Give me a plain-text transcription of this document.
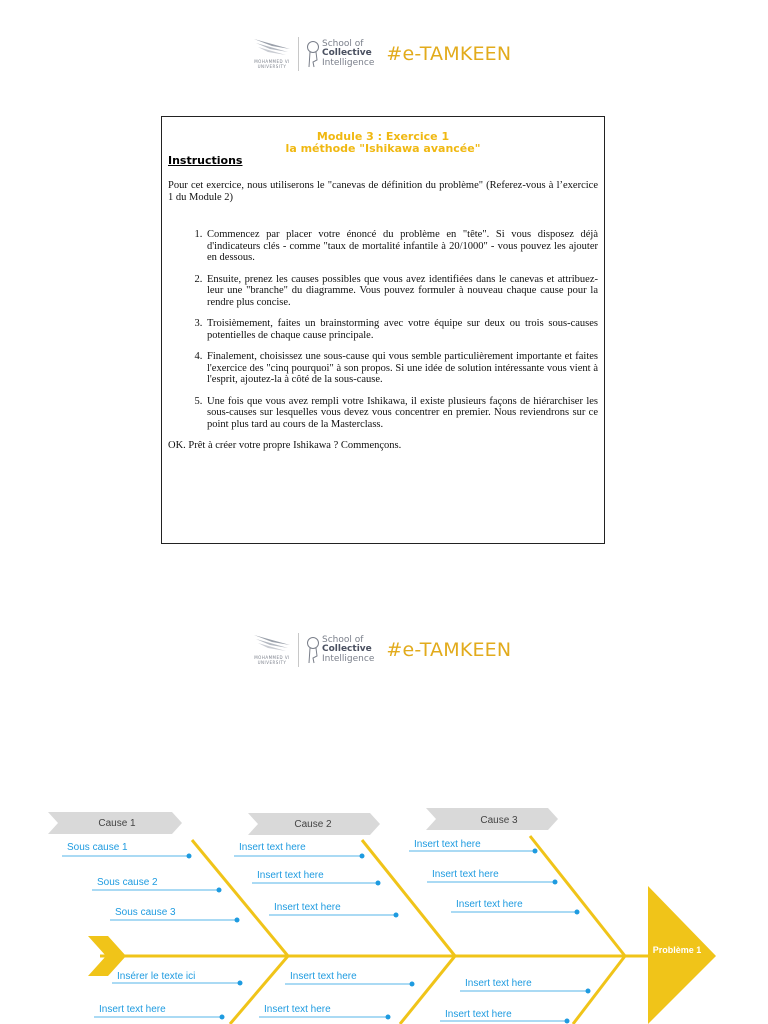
MOHAMMED VI
UNIVERSITY
School of
Collective
Intelligence #e-TAMKEEN
Module 3 : Exercice 1
la méthode "Ishikawa avancée"
Instructions
Pour cet exercice, nous utiliserons le "canevas de définition du problème" (Referez-vous à l’exercice 1 du Module 2)
1. Commencez par placer votre énoncé du problème en "tête". Si vous disposez déjà d'indicateurs clés - comme "taux de mortalité infantile à 20/1000" - vous pouvez les ajouter en dessous.
2. Ensuite, prenez les causes possibles que vous avez identifiées dans le canevas et attribuez-leur une "branche" du diagramme. Vous pouvez formuler à nouveau chaque cause pour la rendre plus concise.
3. Troisièmement, faites un brainstorming avec votre équipe sur deux ou trois sous-causes potentielles de chaque cause principale.
4. Finalement, choisissez une sous-cause qui vous semble particulièrement importante et faites l'exercice des "cinq pourquoi" à son propos. Si une idée de solution intéressante vous vient à l'esprit, ajoutez-la à côté de la sous-cause.
5. Une fois que vous avez rempli votre Ishikawa, il existe plusieurs façons de hiérarchiser les sous-causes sur lesquelles vous devez vous concentrer en premier. Nous reviendrons sur ce point plus tard au cours de la Masterclass.
OK. Prêt à créer votre propre Ishikawa ? Commençons.
MOHAMMED VI
UNIVERSITY
School of
Collective
Intelligence #e-TAMKEEN
Problème 1
Cause 1	Cause 2	Cause 3
Sous cause 1
Sous cause 2
Sous cause 3
Insert text here
Insert text here
Insert text here
Insert text here
Insert text here
Insert text here
Insérer le texte ici
Insert text here
Insert text here
Insert text here
Insert text here
Insert text here
